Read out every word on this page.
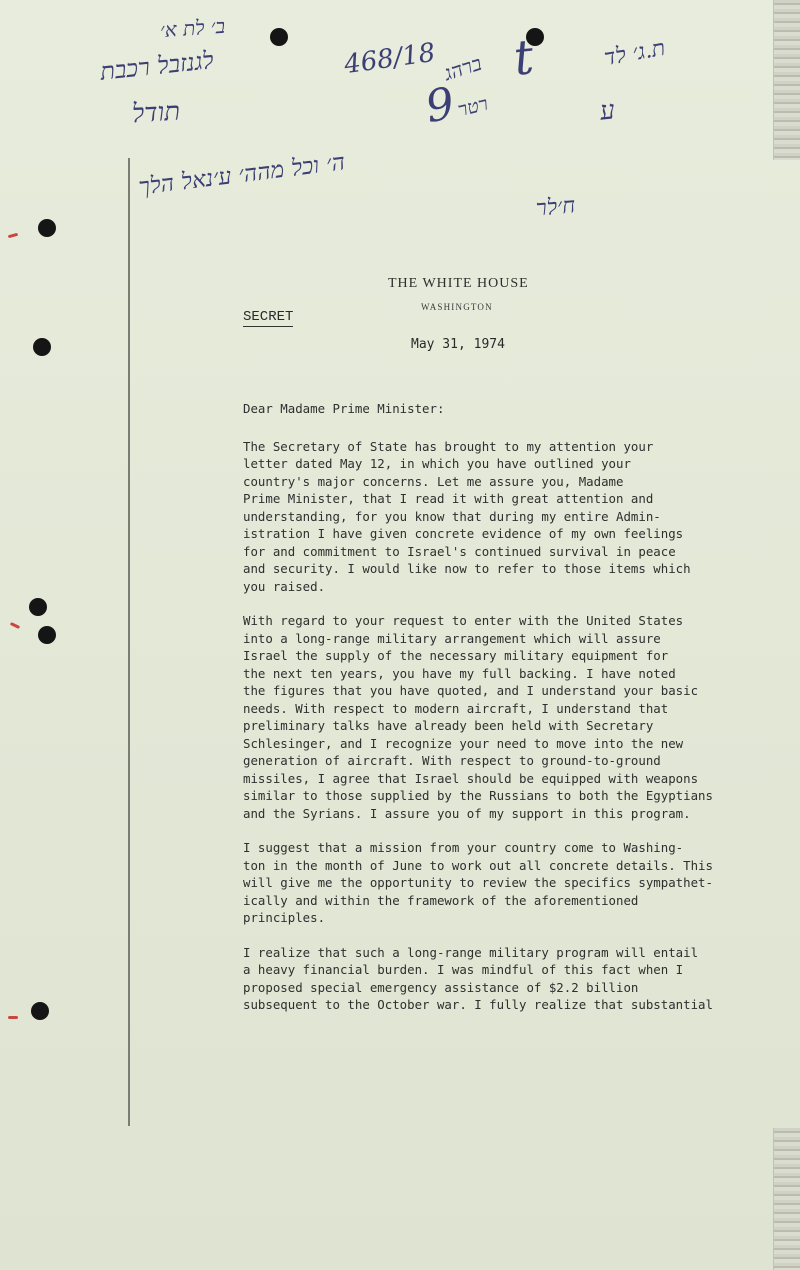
ב׳ לת א׳
לגנזבל רכבת
תודל
468/18 ברהג
9
רטר
t	ת.ג׳ לד
ע
ה׳ וכל מהה׳ ע׳נאל הלך
ח׳לר
THE WHITE HOUSE
WASHINGTON
SECRET
May 31, 1974
Dear Madame Prime Minister:
The Secretary of State has brought to my attention your
letter dated May 12, in which you have outlined your
country's major concerns. Let me assure you, Madame
Prime Minister, that I read it with great attention and
understanding, for you know that during my entire Admin-
istration I have given concrete evidence of my own feelings
for and commitment to Israel's continued survival in peace
and security. I would like now to refer to those items which
you raised.
With regard to your request to enter with the United States
into a long-range military arrangement which will assure
Israel the supply of the necessary military equipment for
the next ten years, you have my full backing. I have noted
the figures that you have quoted, and I understand your basic
needs. With respect to modern aircraft, I understand that
preliminary talks have already been held with Secretary
Schlesinger, and I recognize your need to move into the new
generation of aircraft. With respect to ground-to-ground
missiles, I agree that Israel should be equipped with weapons
similar to those supplied by the Russians to both the Egyptians
and the Syrians. I assure you of my support in this program.
I suggest that a mission from your country come to Washing-
ton in the month of June to work out all concrete details. This
will give me the opportunity to review the specifics sympathet-
ically and within the framework of the aforementioned
principles.
I realize that such a long-range military program will entail
a heavy financial burden. I was mindful of this fact when I
proposed special emergency assistance of $2.2 billion
subsequent to the October war. I fully realize that substantial
